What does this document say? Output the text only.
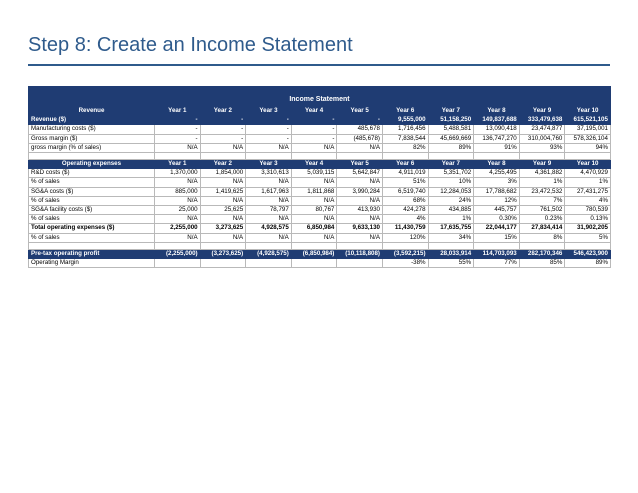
Step 8: Create an Income Statement

Income Statement										
Revenue	Year 1	Year 2	Year 3	Year 4	Year 5	Year 6	Year 7	Year 8	Year 9	Year 10
Revenue ($)	-	-	-	-	-	9,555,000	51,158,250	149,837,688	333,479,638	615,521,105
Manufacturing costs ($)	-	-	-	-	485,678	1,716,456	5,488,581	13,090,418	23,474,877	37,195,001
Gross margin ($)	-	-	-	-	(485,678)	7,838,544	45,669,669	136,747,270	310,004,760	578,326,104
gross margin (% of sales)	N/A	N/A	N/A	N/A	N/A	82%	89%	91%	93%	94%

Operating expenses	Year 1	Year 2	Year 3	Year 4	Year 5	Year 6	Year 7	Year 8	Year 9	Year 10
R&D costs ($)	1,370,000	1,854,000	3,310,613	5,039,115	5,642,847	4,911,019	5,351,702	4,255,495	4,361,882	4,470,929
% of sales	N/A	N/A	N/A	N/A	N/A	51%	10%	3%	1%	1%
SG&A costs ($)	885,000	1,419,625	1,617,963	1,811,868	3,990,284	6,519,740	12,284,053	17,788,682	23,472,532	27,431,275
% of sales	N/A	N/A	N/A	N/A	N/A	68%	24%	12%	7%	4%
SG&A facility costs ($)	25,000	25,625	78,797	80,767	413,930	424,278	434,885	445,757	761,502	780,539
% of sales	N/A	N/A	N/A	N/A	N/A	4%	1%	0.30%	0.23%	0.13%
Total operating expenses ($)	2,255,000	3,273,625	4,928,575	6,850,984	9,633,130	11,430,759	17,635,755	22,044,177	27,834,414	31,902,205
% of sales	N/A	N/A	N/A	N/A	N/A	120%	34%	15%	8%	5%

Pre-tax operating profit	(2,255,000)	(3,273,625)	(4,928,575)	(6,850,984)	(10,118,808)	(3,592,215)	28,033,914	114,703,093	282,170,346	546,423,900
Operating Margin						-38%	55%	77%	85%	89%
